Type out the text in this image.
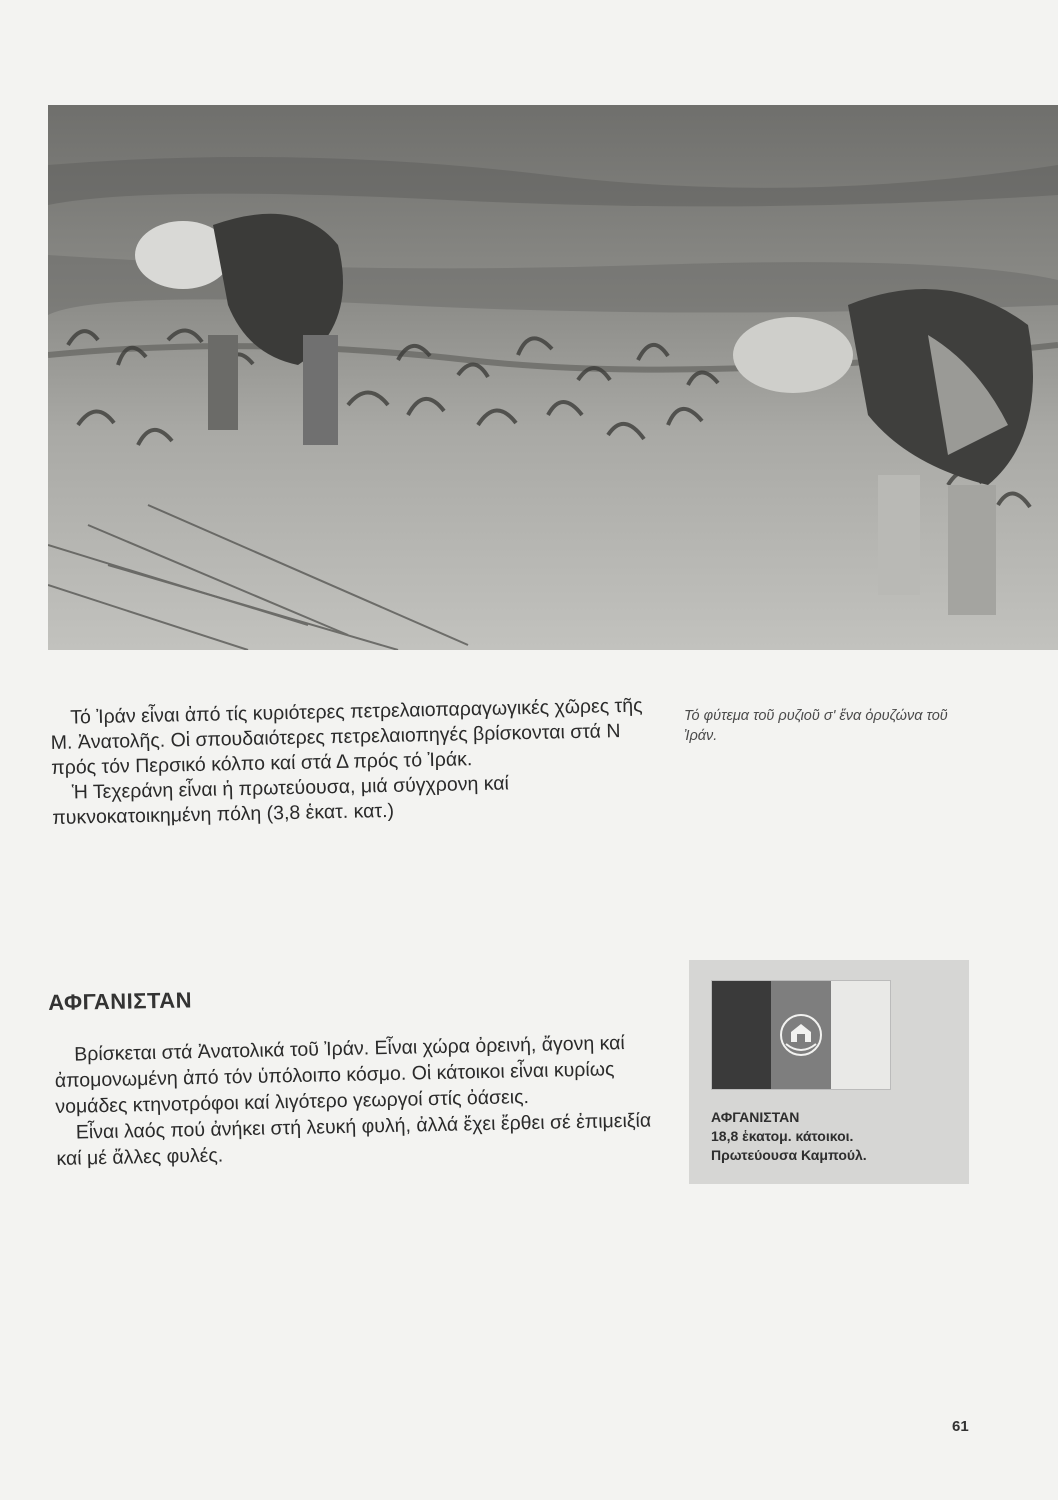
Τό φύτεμα τοῦ ρυζιοῦ σ' ἕνα ὀρυζώνα τοῦ Ἰράν.

Τό Ἰράν εἶναι ἀπό τίς κυριότερες πετρελαιοπαραγωγικές χῶρες τῆς Μ. Ἀνατολῆς. Οἱ σπουδαιότερες πετρελαιοπηγές βρίσκονται στά Ν πρός τόν Περσικό κόλπο καί στά Δ πρός τό Ἰράκ.

Ἡ Τεχεράνη εἶναι ἡ πρωτεύουσα, μιά σύγχρονη καί πυκνοκατοικημένη πόλη (3,8 ἑκατ. κατ.)

ΑΦΓΑΝΙΣΤΑΝ

Βρίσκεται στά Ἀνατολικά τοῦ Ἰράν. Εἶναι χώρα ὀρεινή, ἄγονη καί ἀπομονωμένη ἀπό τόν ὑπόλοιπο κόσμο. Οἱ κάτοικοι εἶναι κυρίως νομάδες κτηνοτρόφοι καί λιγότερο γεωργοί στίς ὀάσεις.

Εἶναι λαός πού ἀνήκει στή λευκή φυλή, ἀλλά ἔχει ἔρθει σέ ἐπιμειξία καί μέ ἄλλες φυλές.

ΑΦΓΑΝΙΣΤΑΝ
18,8 ἑκατομ. κάτοικοι.
Πρωτεύουσα Καμπούλ.
61
